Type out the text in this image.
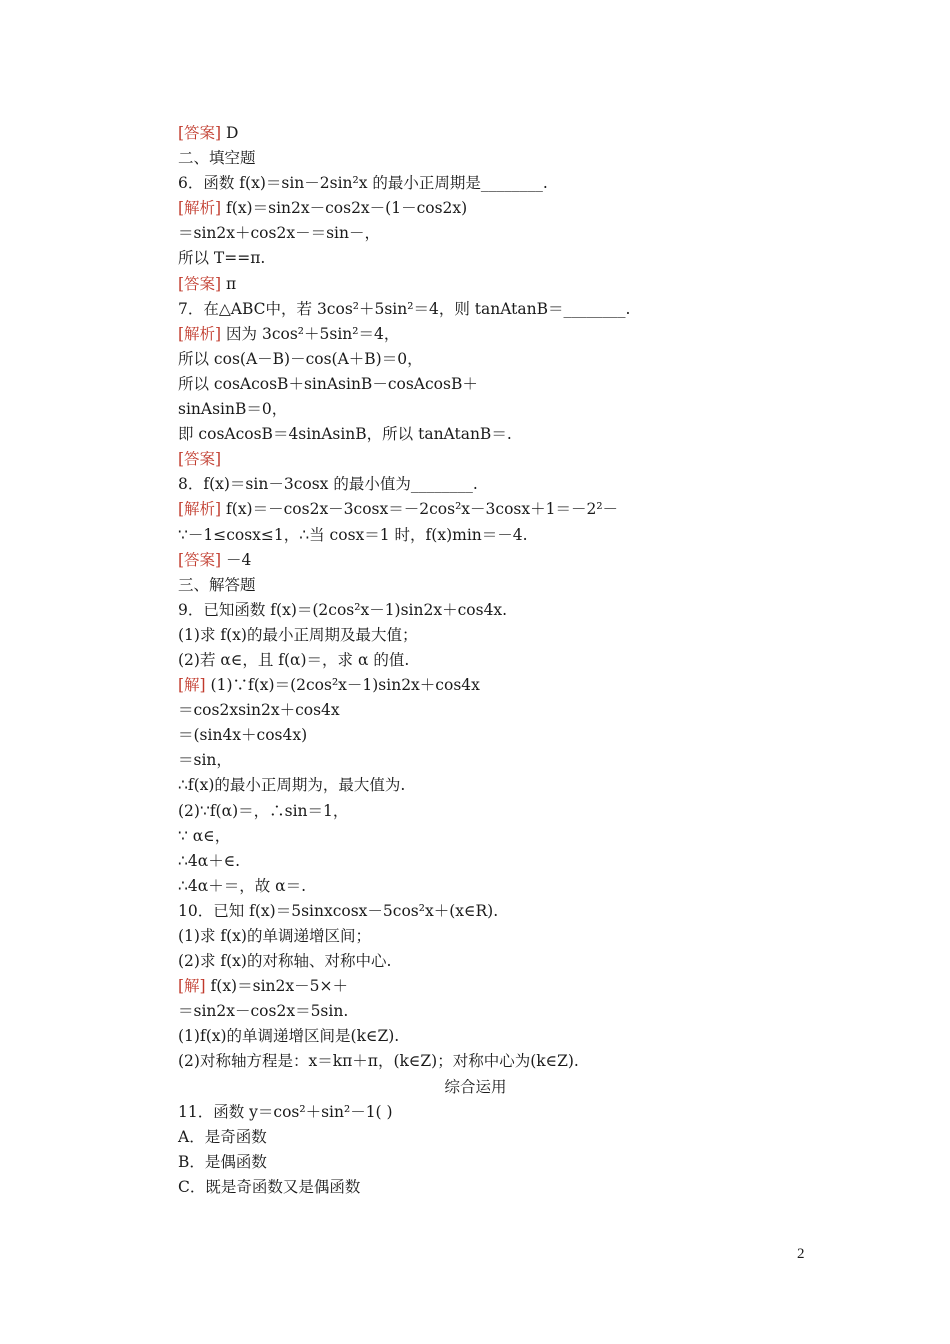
[答案] D
二、填空题
6．函数 f(x)＝sin－2sin²x 的最小正周期是________.
[解析] f(x)＝sin2x－cos2x－(1－cos2x)
＝sin2x＋cos2x－＝sin－，
所以 T==π.
[答案] π
7．在△ABC中，若 3cos²＋5sin²＝4，则 tanAtanB＝________.
[解析] 因为 3cos²＋5sin²＝4，
所以 cos(A－B)－cos(A＋B)＝0，
所以 cosAcosB＋sinAsinB－cosAcosB＋
sinAsinB＝0，
即 cosAcosB＝4sinAsinB，所以 tanAtanB＝.
[答案]
8．f(x)＝sin－3cosx 的最小值为________.
[解析] f(x)＝－cos2x－3cosx＝－2cos²x－3cosx＋1＝－2²－
∵－1≤cosx≤1，∴当 cosx＝1 时，f(x)min＝－4.
[答案] －4
三、解答题
9．已知函数 f(x)＝(2cos²x－1)sin2x＋cos4x.
(1)求 f(x)的最小正周期及最大值；
(2)若 α∈，且 f(α)＝，求 α 的值.
[解] (1)∵f(x)＝(2cos²x－1)sin2x＋cos4x
＝cos2xsin2x＋cos4x
＝(sin4x＋cos4x)
＝sin，
∴f(x)的最小正周期为，最大值为.
(2)∵f(α)＝，∴sin＝1，
∵ α∈，
∴4α＋∈.
∴4α＋＝，故 α＝.
10．已知 f(x)＝5sinxcosx－5cos²x＋(x∈R).
(1)求 f(x)的单调递增区间；
(2)求 f(x)的对称轴、对称中心.
[解] f(x)＝sin2x－5×＋
＝sin2x－cos2x＝5sin.
(1)f(x)的单调递增区间是(k∈Z).
(2)对称轴方程是：x＝kπ＋π，(k∈Z)；对称中心为(k∈Z).
综合运用
11．函数 y＝cos²＋sin²－1( )
A．是奇函数
B．是偶函数
C．既是奇函数又是偶函数
2
